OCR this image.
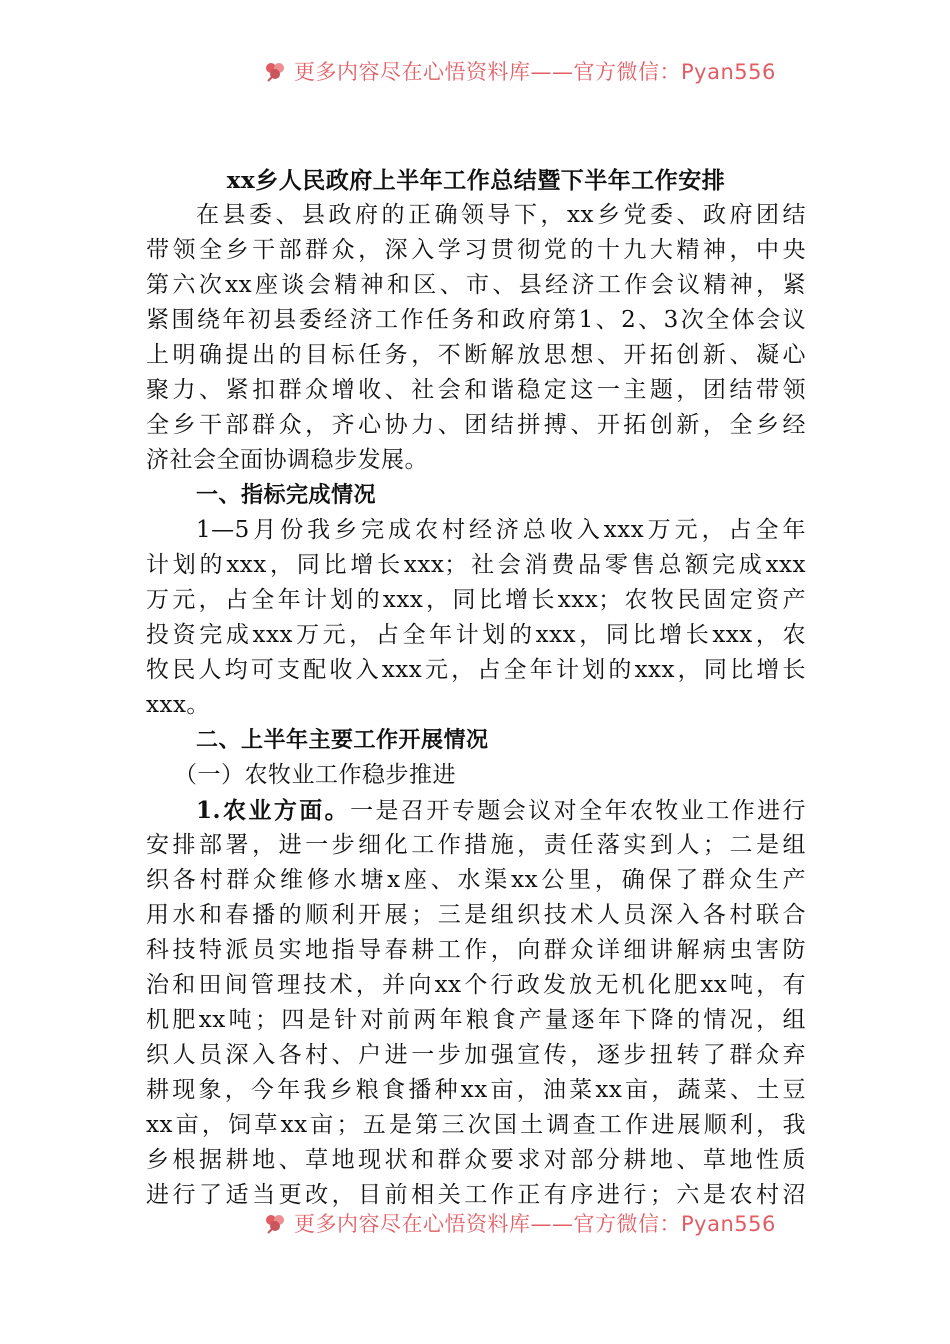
更多内容尽在心悟资料库——官方微信：Pyan556
xx乡人民政府上半年工作总结暨下半年工作安排
在县委、县政府的正确领导下，xx乡党委、政府团结
带领全乡干部群众，深入学习贯彻党的十九大精神，中央
第六次xx座谈会精神和区、市、县经济工作会议精神，紧
紧围绕年初县委经济工作任务和政府第1、2、3次全体会议
上明确提出的目标任务，不断解放思想、开拓创新、凝心
聚力、紧扣群众增收、社会和谐稳定这一主题，团结带领
全乡干部群众，齐心协力、团结拼搏、开拓创新，全乡经
济社会全面协调稳步发展。
一、指标完成情况
1—5月份我乡完成农村经济总收入xxx万元，占全年
计划的xxx，同比增长xxx；社会消费品零售总额完成xxx
万元，占全年计划的xxx，同比增长xxx；农牧民固定资产
投资完成xxx万元，占全年计划的xxx，同比增长xxx，农
牧民人均可支配收入xxx元，占全年计划的xxx，同比增长
xxx。
二、上半年主要工作开展情况
（一）农牧业工作稳步推进
1.农业方面。一是召开专题会议对全年农牧业工作进行
安排部署，进一步细化工作措施，责任落实到人；二是组
织各村群众维修水塘x座、水渠xx公里，确保了群众生产
用水和春播的顺利开展；三是组织技术人员深入各村联合
科技特派员实地指导春耕工作，向群众详细讲解病虫害防
治和田间管理技术，并向xx个行政发放无机化肥xx吨，有
机肥xx吨；四是针对前两年粮食产量逐年下降的情况，组
织人员深入各村、户进一步加强宣传，逐步扭转了群众弃
耕现象，今年我乡粮食播种xx亩，油菜xx亩，蔬菜、土豆
xx亩，饲草xx亩；五是第三次国土调查工作进展顺利，我
乡根据耕地、草地现状和群众要求对部分耕地、草地性质
进行了适当更改，目前相关工作正有序进行；六是农村沼
更多内容尽在心悟资料库——官方微信：Pyan556
